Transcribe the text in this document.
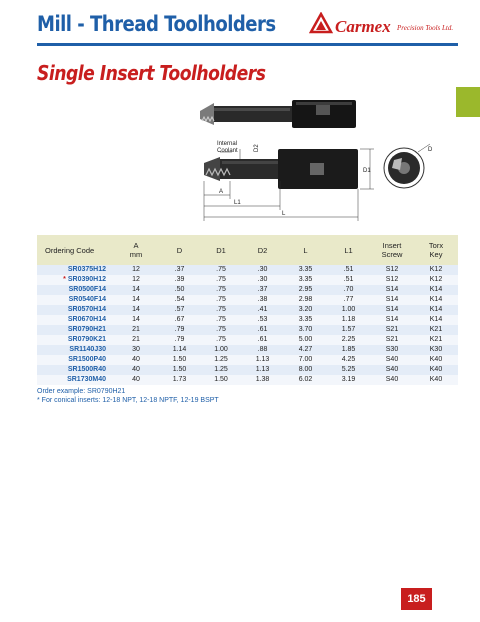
Mill - Thread Toolholders	Carmex Precision Tools Ltd.
Single Insert Toolholders
Internal
Coolant	D2
D1
D
A
L1
L
Ordering Code	A
mm	D	D1	D2	L	L1	Insert
Screw	Torx
Key
SR0375H12	12	.37	.75	.30	3.35	.51	S12	K12
* SR0390H12	12	.39	.75	.30	3.35	.51	S12	K12
SR0500F14	14	.50	.75	.37	2.95	.70	S14	K14
SR0540F14	14	.54	.75	.38	2.98	.77	S14	K14
SR0570H14	14	.57	.75	.41	3.20	1.00	S14	K14
SR0670H14	14	.67	.75	.53	3.35	1.18	S14	K14
SR0790H21	21	.79	.75	.61	3.70	1.57	S21	K21
SR0790K21	21	.79	.75	.61	5.00	2.25	S21	K21
SR1140J30	30	1.14	1.00	.88	4.27	1.85	S30	K30
SR1500P40	40	1.50	1.25	1.13	7.00	4.25	S40	K40
SR1500R40	40	1.50	1.25	1.13	8.00	5.25	S40	K40
SR1730M40	40	1.73	1.50	1.38	6.02	3.19	S40	K40
Order example: SR0790H21
* For conical inserts: 12-18 NPT, 12-18 NPTF, 12-19 BSPT
185
